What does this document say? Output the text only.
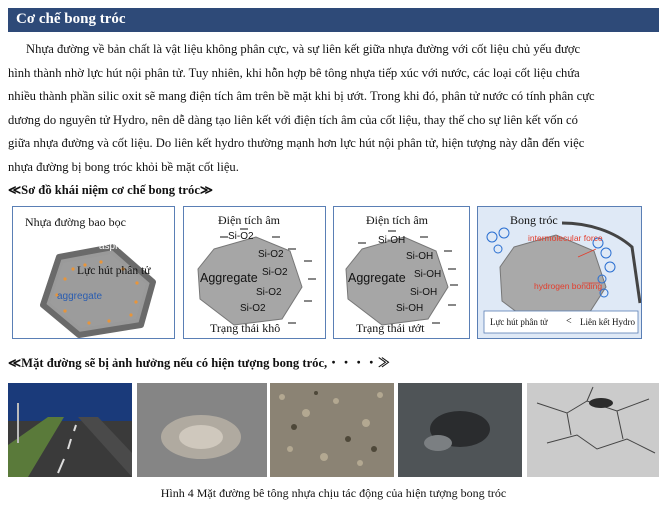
Cơ chế bong tróc
Nhựa đường về bản chất là vật liệu không phân cực, và sự liên kết giữa nhựa đường với cốt liệu chủ yếu được
hình thành nhờ lực hút nội phân tử. Tuy nhiên, khi hỗn hợp bê tông nhựa tiếp xúc với nước, các loại cốt liệu chứa
nhiều thành phần silic oxit sẽ mang điện tích âm trên bề mặt khi bị ướt. Trong khi đó, phân tử nước có tính phân cực
dương do nguyên tử Hydro, nên dễ dàng tạo liên kết với điện tích âm của cốt liệu, thay thế cho sự liên kết vốn có
giữa nhựa đường và cốt liệu. Do liên kết hydro thường mạnh hơn lực hút nội phân tử, hiện tượng này dẫn đến việc
nhựa đường bị bong tróc khỏi bề mặt cốt liệu.
≪Sơ đồ khái niệm cơ chế bong tróc≫
Nhựa đường bao bọc
asphalt
Lực hút phân tử
aggregate
Điện tích âm
Si-O2
Si-O2
Si-O2
Si-O2
Si-O2
Aggregate
Trạng thái khô
Điện tích âm
Si-OH
Si-OH
Si-OH
Si-OH
Si-OH
Aggregate
Trạng thái ướt
Bong tróc
intermolecular force
hydrogen bonding
Lực hút phân tử < Liên kết Hydro
≪Mặt đường sẽ bị ảnh hưởng nếu có hiện tượng bong tróc,・・・・≫
Hình 4 Mặt đường bê tông nhựa chịu tác động của hiện tượng bong tróc
